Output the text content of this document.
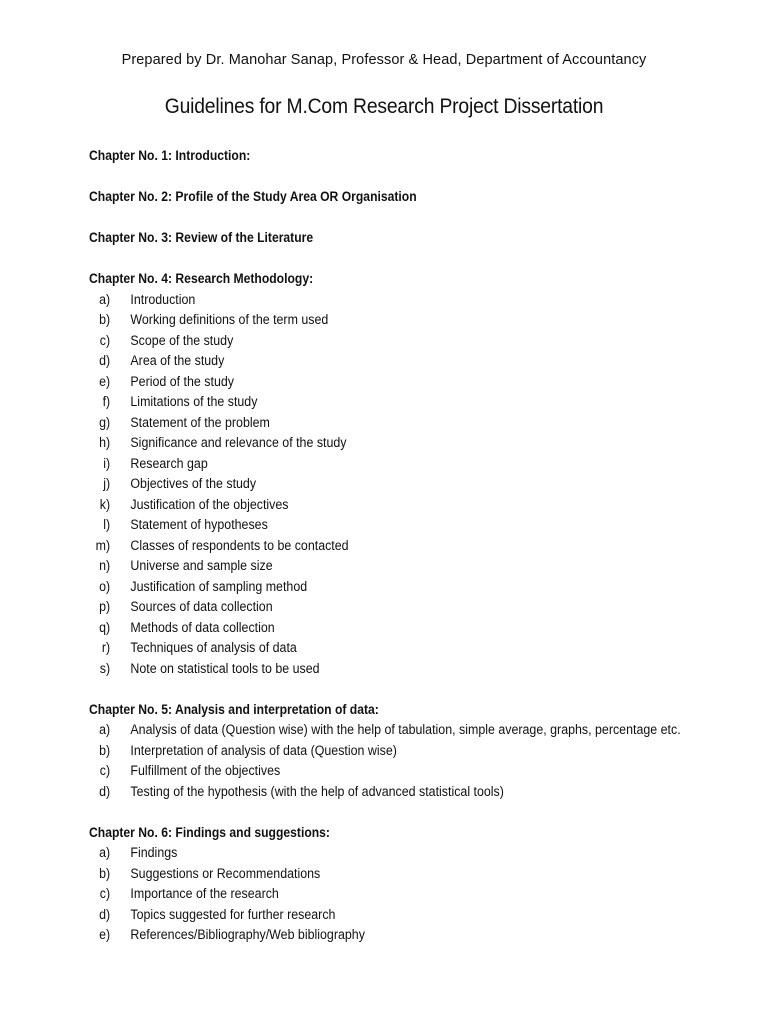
Prepared by Dr. Manohar Sanap, Professor & Head, Department of Accountancy
Guidelines for M.Com Research Project Dissertation
Chapter No. 1: Introduction:
Chapter No. 2: Profile of the Study Area OR Organisation
Chapter No. 3: Review of the Literature
Chapter No. 4: Research Methodology:
a)	Introduction
b)	Working definitions of the term used
c)	Scope of the study
d)	Area of the study
e)	Period of the study
f)	Limitations of the study
g)	Statement of the problem
h)	Significance and relevance of the study
i)	Research gap
j)	Objectives of the study
k)	Justification of the objectives
l)	Statement of hypotheses
m)	Classes of respondents to be contacted
n)	Universe and sample size
o)	Justification of sampling method
p)	Sources of data collection
q)	Methods of data collection
r)	Techniques of analysis of data
s)	Note on statistical tools to be used
Chapter No. 5: Analysis and interpretation of data:
a)	Analysis of data (Question wise) with the help of tabulation, simple average, graphs, percentage etc.
b)	Interpretation of analysis of data (Question wise)
c)	Fulfillment of the objectives
d)	Testing of the hypothesis (with the help of advanced statistical tools)
Chapter No. 6: Findings and suggestions:
a)	Findings
b)	Suggestions or Recommendations
c)	Importance of the research
d)	Topics suggested for further research
e)	References/Bibliography/Web bibliography
